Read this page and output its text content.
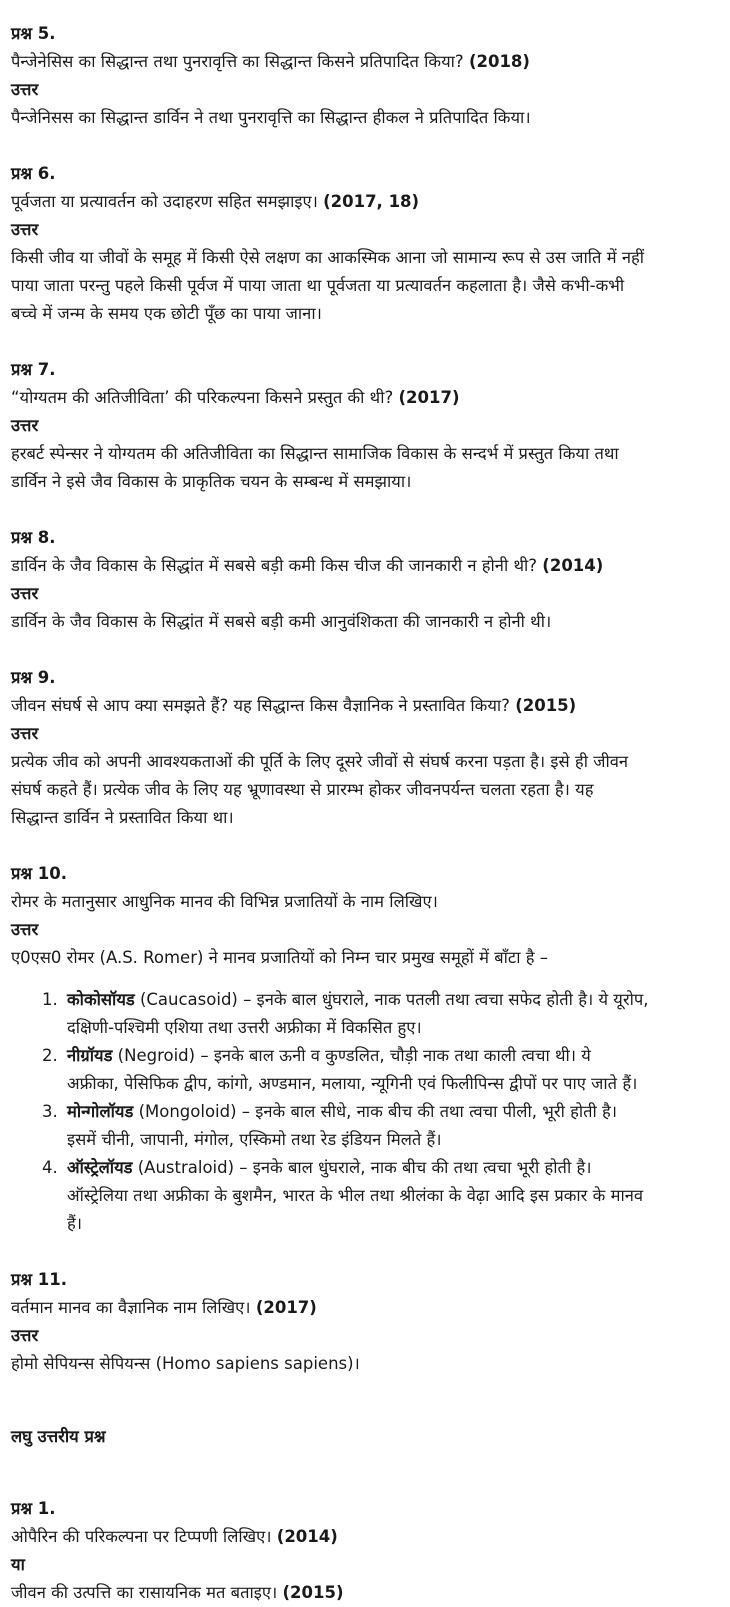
प्रश्न 5.

पैन्जेनेसिस का सिद्धान्त तथा पुनरावृत्ति का सिद्धान्त किसने प्रतिपादित किया? (2018)

उत्तर

पैन्जेनिसस का सिद्धान्त डार्विन ने तथा पुनरावृत्ति का सिद्धान्त हीकल ने प्रतिपादित किया।

प्रश्न 6.

पूर्वजता या प्रत्यावर्तन को उदाहरण सहित समझाइए। (2017, 18)

उत्तर

किसी जीव या जीवों के समूह में किसी ऐसे लक्षण का आकस्मिक आना जो सामान्य रूप से उस जाति में नहीं

पाया जाता परन्तु पहले किसी पूर्वज में पाया जाता था पूर्वजता या प्रत्यावर्तन कहलाता है। जैसे कभी-कभी

बच्चे में जन्म के समय एक छोटी पूँछ का पाया जाना।

प्रश्न 7.

“योग्यतम की अतिजीविता’ की परिकल्पना किसने प्रस्तुत की थी? (2017)

उत्तर

हरबर्ट स्पेन्सर ने योग्यतम की अतिजीविता का सिद्धान्त सामाजिक विकास के सन्दर्भ में प्रस्तुत किया तथा

डार्विन ने इसे जैव विकास के प्राकृतिक चयन के सम्बन्ध में समझाया।

प्रश्न 8.

डार्विन के जैव विकास के सिद्धांत में सबसे बड़ी कमी किस चीज की जानकारी न होनी थी? (2014)

उत्तर

डार्विन के जैव विकास के सिद्धांत में सबसे बड़ी कमी आनुवंशिकता की जानकारी न होनी थी।

प्रश्न 9.

जीवन संघर्ष से आप क्या समझते हैं? यह सिद्धान्त किस वैज्ञानिक ने प्रस्तावित किया? (2015)

उत्तर

प्रत्येक जीव को अपनी आवश्यकताओं की पूर्ति के लिए दूसरे जीवों से संघर्ष करना पड़ता है। इसे ही जीवन

संघर्ष कहते हैं। प्रत्येक जीव के लिए यह भ्रूणावस्था से प्रारम्भ होकर जीवनपर्यन्त चलता रहता है। यह

सिद्धान्त डार्विन ने प्रस्तावित किया था।

प्रश्न 10.

रोमर के मतानुसार आधुनिक मानव की विभिन्न प्रजातियों के नाम लिखिए।

उत्तर

ए0एस0 रोमर (A.S. Romer) ने मानव प्रजातियों को निम्न चार प्रमुख समूहों में बाँटा है –

1. कोकोसॉयड (Caucasoid) – इनके बाल धुंघराले, नाक पतली तथा त्वचा सफेद होती है। ये यूरोप,
दक्षिणी-पश्चिमी एशिया तथा उत्तरी अफ्रीका में विकसित हुए।
2. नीग्रॉयड (Negroid) – इनके बाल ऊनी व कुण्डलित, चौड़ी नाक तथा काली त्वचा थी। ये
अफ्रीका, पेसिफिक द्वीप, कांगो, अण्डमान, मलाया, न्यूगिनी एवं फिलीपिन्स द्वीपों पर पाए जाते हैं।
3. मोन्गोलॉयड (Mongoloid) – इनके बाल सीधे, नाक बीच की तथा त्वचा पीली, भूरी होती है।
इसमें चीनी, जापानी, मंगोल, एस्किमो तथा रेड इंडियन मिलते हैं।
4. ऑस्ट्रेलॉयड (Australoid) – इनके बाल धुंघराले, नाक बीच की तथा त्वचा भूरी होती है।
ऑस्ट्रेलिया तथा अफ्रीका के बुशमैन, भारत के भील तथा श्रीलंका के वेढ़ा आदि इस प्रकार के मानव
हैं।

प्रश्न 11.

वर्तमान मानव का वैज्ञानिक नाम लिखिए। (2017)

उत्तर

होमो सेपियन्स सेपियन्स (Homo sapiens sapiens)।

लघु उत्तरीय प्रश्न

प्रश्न 1.

ओपैरिन की परिकल्पना पर टिप्पणी लिखिए। (2014)

या

जीवन की उत्पत्ति का रासायनिक मत बताइए। (2015)
